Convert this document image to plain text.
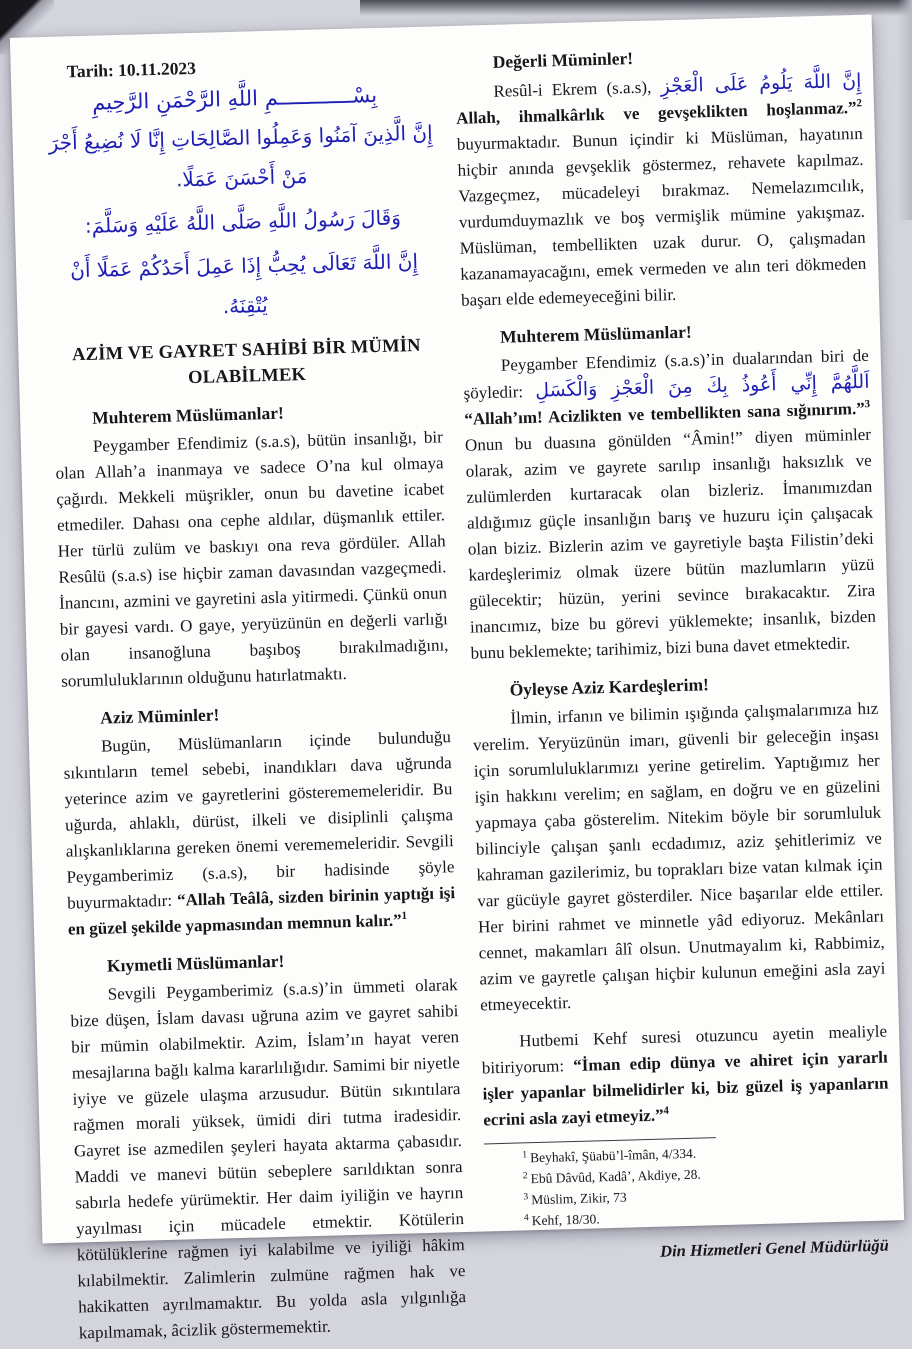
Tarih: 10.11.2023
بِسْــــــــــــمِ اللَّهِ الرَّحْمَنِ الرَّحِيمِ
إِنَّ الَّذِينَ آمَنُوا وَعَمِلُوا الصَّالِحَاتِ إِنَّا لَا نُضِيعُ أَجْرَ مَنْ أَحْسَنَ عَمَلًا.
وَقَالَ رَسُولُ اللَّهِ صَلَّى اللَّهُ عَلَيْهِ وَسَلَّمَ:
إِنَّ اللَّهَ تَعَالَى يُحِبُّ إِذَا عَمِلَ أَحَدُكُمْ عَمَلًا أَنْ يُتْقِنَهُ.
AZİM VE GAYRET SAHİBİ BİR MÜMİN OLABİLMEK
Muhterem Müslümanlar!

Peygamber Efendimiz (s.a.s), bütün insanlığı, bir olan Allah’a inanmaya ve sadece O’na kul olmaya çağırdı. Mekkeli müşrikler, onun bu davetine icabet etmediler. Dahası ona cephe aldılar, düşmanlık ettiler. Her türlü zulüm ve baskıyı ona reva gördüler. Allah Resûlü (s.a.s) ise hiçbir zaman davasından vazgeçmedi. İnancını, azmini ve gayretini asla yitirmedi. Çünkü onun bir gayesi vardı. O gaye, yeryüzünün en değerli varlığı olan insanoğluna başıboş bırakılmadığını, sorumluluklarının olduğunu hatırlatmaktı.

Aziz Müminler!

Bugün, Müslümanların içinde bulunduğu sıkıntıların temel sebebi, inandıkları dava uğrunda yeterince azim ve gayretlerini gösterememeleridir. Bu uğurda, ahlaklı, dürüst, ilkeli ve disiplinli çalışma alışkanlıklarına gereken önemi verememeleridir. Sevgili Peygamberimiz (s.a.s), bir hadisinde şöyle buyurmaktadır: “Allah Teâlâ, sizden birinin yaptığı işi en güzel şekilde yapmasından memnun kalır.”$^1$

Kıymetli Müslümanlar!

Sevgili Peygamberimiz (s.a.s)’in ümmeti olarak bize düşen, İslam davası uğruna azim ve gayret sahibi bir mümin olabilmektir. Azim, İslam’ın hayat veren mesajlarına bağlı kalma kararlılığıdır. Samimi bir niyetle iyiye ve güzele ulaşma arzusudur. Bütün sıkıntılara rağmen morali yüksek, ümidi diri tutma iradesidir. Gayret ise azmedilen şeyleri hayata aktarma çabasıdır. Maddi ve manevi bütün sebeplere sarıldıktan sonra sabırla hedefe yürümektir. Her daim iyiliğin ve hayrın yayılması için mücadele etmektir. Kötülerin kötülüklerine rağmen iyi kalabilme ve iyiliği hâkim kılabilmektir. Zalimlerin zulmüne rağmen hak ve hakikatten ayrılmamaktır. Bu yolda asla yılgınlığa kapılmamak, âcizlik göstermemektir.

Değerli Müminler!

Resûl-i Ekrem (s.a.s), إِنَّ اللَّهَ يَلُومُ عَلَى الْعَجْزِ Allah, ihmalkârlık ve gevşeklikten hoşlanmaz.”$^2$ buyurmaktadır. Bunun içindir ki Müslüman, hayatının hiçbir anında gevşeklik göstermez, rehavete kapılmaz. Vazgeçmez, mücadeleyi bırakmaz. Nemelazımcılık, vurdumduymazlık ve boş vermişlik mümine yakışmaz. Müslüman, tembellikten uzak durur. O, çalışmadan kazanamayacağını, emek vermeden ve alın teri dökmeden başarı elde edemeyeceğini bilir.

Muhterem Müslümanlar!

Peygamber Efendimiz (s.a.s)’in dualarından biri de şöyledir: اَللَّهُمَّ إِنِّي أَعُوذُ بِكَ مِنَ الْعَجْزِ وَالْكَسَلِ “Allah’ım! Acizlikten ve tembellikten sana sığınırım.”$^3$ Onun bu duasına gönülden “Âmin!” diyen müminler olarak, azim ve gayrete sarılıp insanlığı haksızlık ve zulümlerden kurtaracak olan bizleriz. İmanımızdan aldığımız güçle insanlığın barış ve huzuru için çalışacak olan biziz. Bizlerin azim ve gayretiyle başta Filistin’deki kardeşlerimiz olmak üzere bütün mazlumların yüzü gülecektir; hüzün, yerini sevince bırakacaktır. Zira inancımız, bize bu görevi yüklemekte; insanlık, bizden bunu beklemekte; tarihimiz, bizi buna davet etmektedir.

Öyleyse Aziz Kardeşlerim!

İlmin, irfanın ve bilimin ışığında çalışmalarımıza hız verelim. Yeryüzünün imarı, güvenli bir geleceğin inşası için sorumluluklarımızı yerine getirelim. Yaptığımız her işin hakkını verelim; en sağlam, en doğru ve en güzelini yapmaya çaba gösterelim. Nitekim böyle bir sorumluluk bilinciyle çalışan şanlı ecdadımız, aziz şehitlerimiz ve kahraman gazilerimiz, bu toprakları bize vatan kılmak için var gücüyle gayret gösterdiler. Nice başarılar elde ettiler. Her birini rahmet ve minnetle yâd ediyoruz. Mekânları cennet, makamları âlî olsun. Unutmayalım ki, Rabbimiz, azim ve gayretle çalışan hiçbir kulunun emeğini asla zayi etmeyecektir.

Hutbemi Kehf suresi otuzuncu ayetin mealiyle bitiriyorum: “İman edip dünya ve ahiret için yararlı işler yapanlar bilmelidirler ki, biz güzel iş yapanların ecrini asla zayi etmeyiz.”$^4$

$^1$ Beyhakî, Şüabü’l-îmân, 4/334.

$^2$ Ebû Dâvûd, Kadâ’, Akdiye, 28.

$^3$ Müslim, Zikir, 73

$^4$ Kehf, 18/30.

Din Hizmetleri Genel Müdürlüğü
